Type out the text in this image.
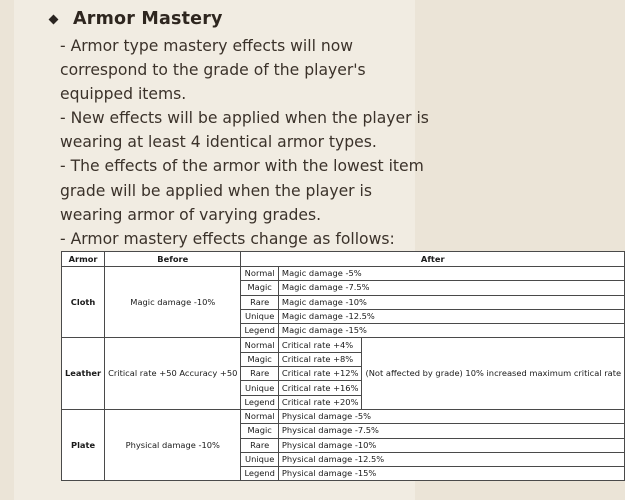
Armor Mastery
- Armor type mastery effects will now
correspond to the grade of the player's
equipped items.
- New effects will be applied when the player is
wearing at least 4 identical armor types.
- The effects of the armor with the lowest item
grade will be applied when the player is
wearing armor of varying grades.
- Armor mastery effects change as follows:
Armor	Before	After		
Cloth	Magic damage -10%	Normal	Magic damage -5%	
		Magic	Magic damage -7.5%	
		Rare	Magic damage -10%	
		Unique	Magic damage -12.5%	
		Legend	Magic damage -15%	
Leather	Critical rate +50 Accuracy +50	Normal	Critical rate +4%	(Not affected by grade) 10% increased maximum critical rate
		Magic	Critical rate +8%	
		Rare	Critical rate +12%	
		Unique	Critical rate +16%	
		Legend	Critical rate +20%	
Plate	Physical damage -10%	Normal	Physical damage -5%	
		Magic	Physical damage -7.5%	
		Rare	Physical damage -10%	
		Unique	Physical damage -12.5%	
		Legend	Physical damage -15%	
